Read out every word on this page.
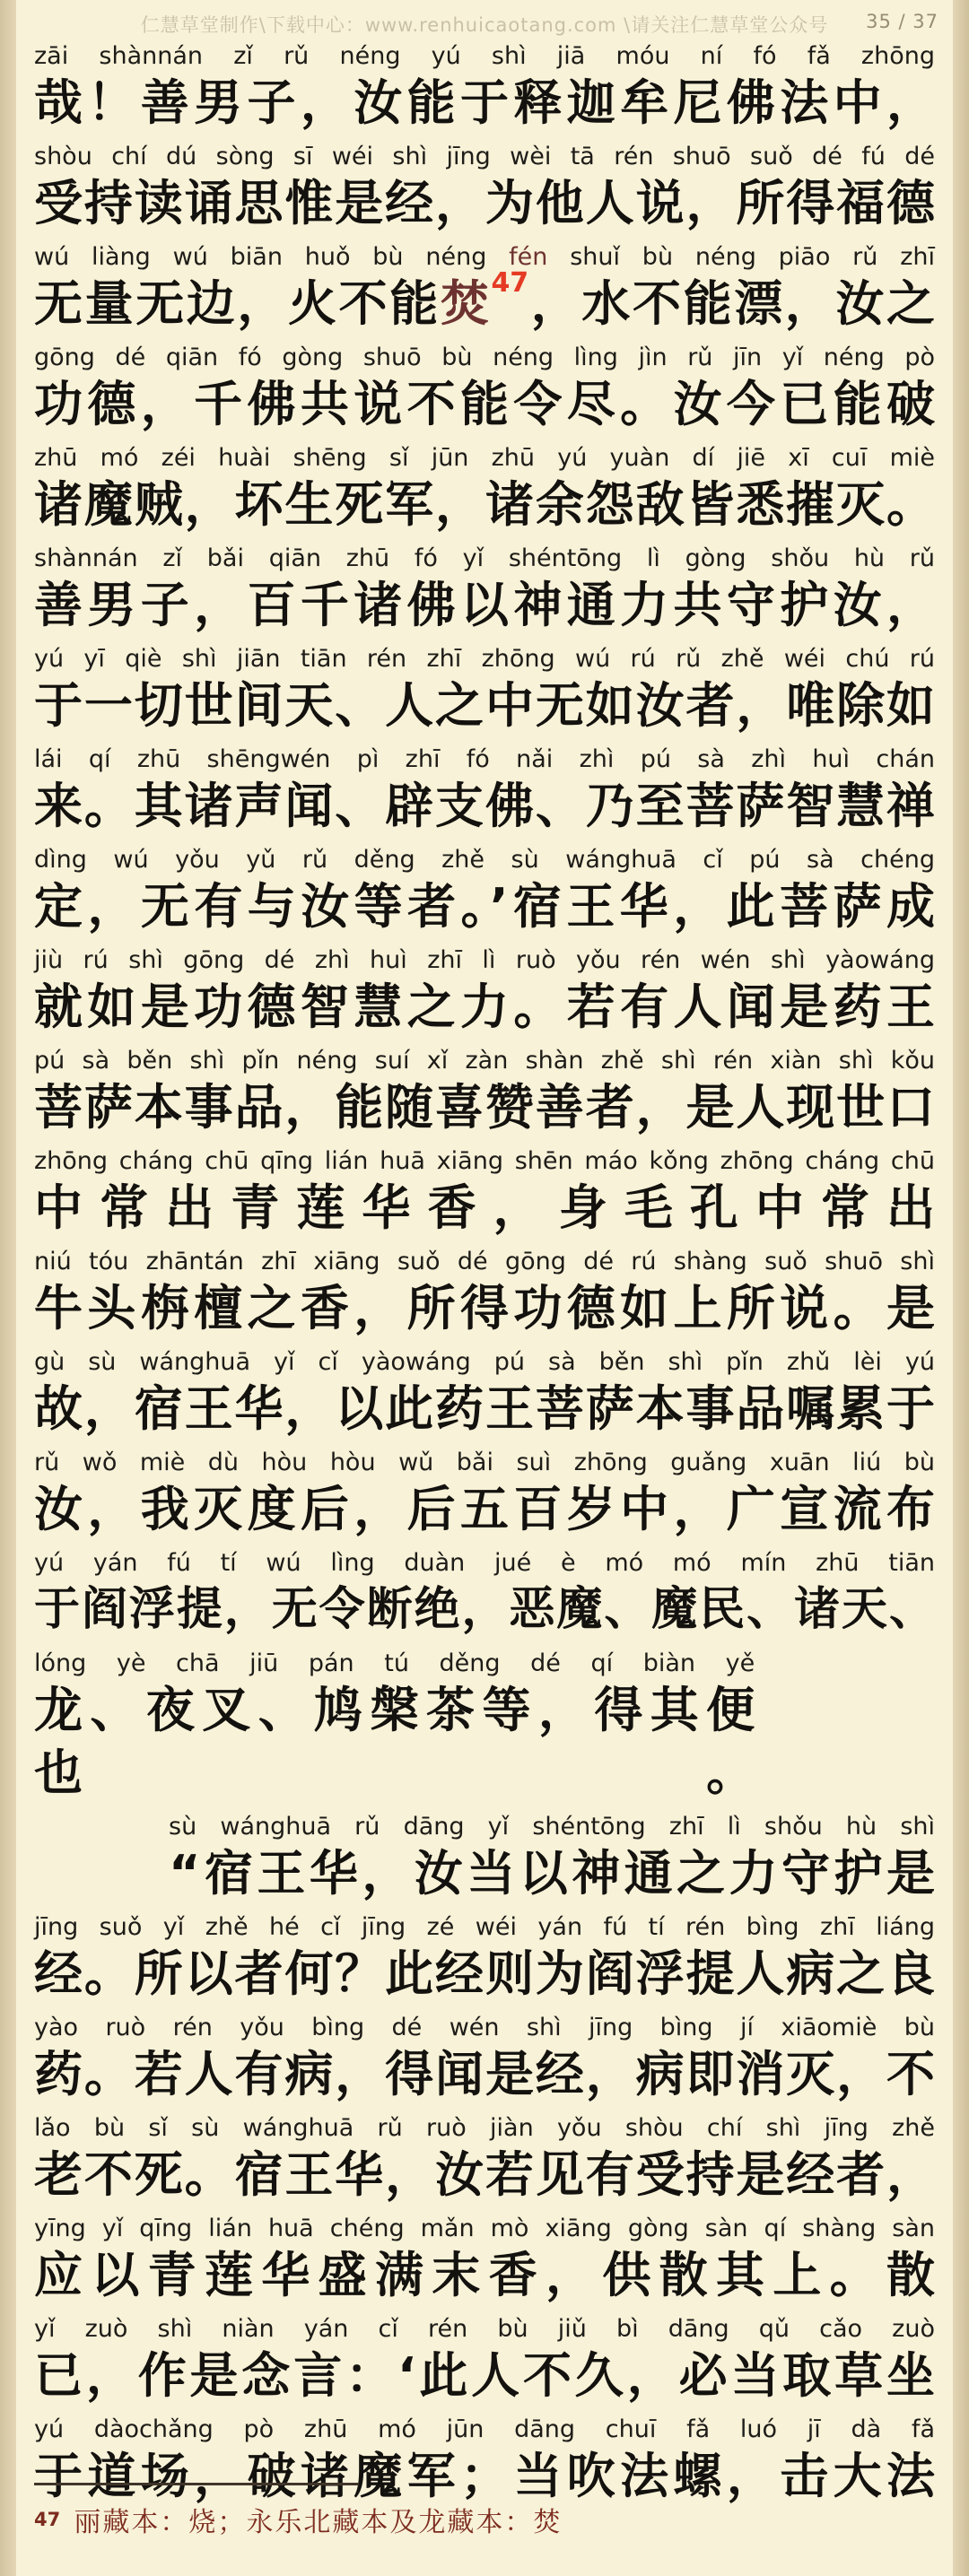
仁慧草堂制作\下载中心：www.renhuicaotang.com \请关注仁慧草堂公众号 35 / 37
zāi shànnán zǐ rǔ néng yú shì jiā móu ní fó fǎ zhōng
哉！善男子，汝能于释迦牟尼佛法中，
shòu chí dú sòng sī wéi shì jīng wèi tā rén shuō suǒ dé fú dé
受持读诵思惟是经，为他人说，所得福德
wú liàng wú biān huǒ bù néng fén shuǐ bù néng piāo rǔ zhī
无量无边，火不能焚$^{47}$，水不能漂，汝之
gōng dé qiān fó gòng shuō bù néng lìng jìn rǔ jīn yǐ néng pò
功德，千佛共说不能令尽。汝今已能破
zhū mó zéi huài shēng sǐ jūn zhū yú yuàn dí jiē xī cuī miè
诸魔贼，坏生死军，诸余怨敌皆悉摧灭。
shànnán zǐ bǎi qiān zhū fó yǐ shéntōng lì gòng shǒu hù rǔ
善男子，百千诸佛以神通力共守护汝，
yú yī qiè shì jiān tiān rén zhī zhōng wú rú rǔ zhě wéi chú rú
于一切世间天、人之中无如汝者，唯除如
lái qí zhū shēngwén pì zhī fó nǎi zhì pú sà zhì huì chán
来。其诸声闻、辟支佛、乃至菩萨智慧禅
dìng wú yǒu yǔ rǔ děng zhě sù wánghuā cǐ pú sà chéng
定，无有与汝等者。’宿王华，此菩萨成
jiù rú shì gōng dé zhì huì zhī lì ruò yǒu rén wén shì yàowáng
就如是功德智慧之力。若有人闻是药王
pú sà běn shì pǐn néng suí xǐ zàn shàn zhě shì rén xiàn shì kǒu
菩萨本事品，能随喜赞善者，是人现世口
zhōng cháng chū qīng lián huā xiāng shēn máo kǒng zhōng cháng chū
中常出青莲华香，身毛孔中常出
niú tóu zhāntán zhī xiāng suǒ dé gōng dé rú shàng suǒ shuō shì
牛头栴檀之香，所得功德如上所说。是
gù sù wánghuā yǐ cǐ yàowáng pú sà běn shì pǐn zhǔ lèi yú
故，宿王华，以此药王菩萨本事品嘱累于
rǔ wǒ miè dù hòu hòu wǔ bǎi suì zhōng guǎng xuān liú bù
汝，我灭度后，后五百岁中，广宣流布
yú yán fú tí wú lìng duàn jué è mó mó mín zhū tiān
于阎浮提，无令断绝，恶魔、魔民、诸天、
lóng yè chā jiū pán tú děng dé qí biàn yě
龙、夜叉、鸠槃茶等，得其便也。
sù wánghuā rǔ dāng yǐ shéntōng zhī lì shǒu hù shì
“宿王华，汝当以神通之力守护是
jīng suǒ yǐ zhě hé cǐ jīng zé wéi yán fú tí rén bìng zhī liáng
经。所以者何？此经则为阎浮提人病之良
yào ruò rén yǒu bìng dé wén shì jīng bìng jí xiāomiè bù
药。若人有病，得闻是经，病即消灭，不
lǎo bù sǐ sù wánghuā rǔ ruò jiàn yǒu shòu chí shì jīng zhě
老不死。宿王华，汝若见有受持是经者，
yīng yǐ qīng lián huā chéng mǎn mò xiāng gòng sàn qí shàng sàn
应以青莲华盛满末香，供散其上。散
yǐ zuò shì niàn yán cǐ rén bù jiǔ bì dāng qǔ cǎo zuò
已，作是念言：‘此人不久，必当取草坐
yú dàochǎng pò zhū mó jūn dāng chuī fǎ luó jī dà fǎ
于道场，破诸魔军；当吹法螺，击大法
$^{47}$ 丽藏本：烧；永乐北藏本及龙藏本：焚
